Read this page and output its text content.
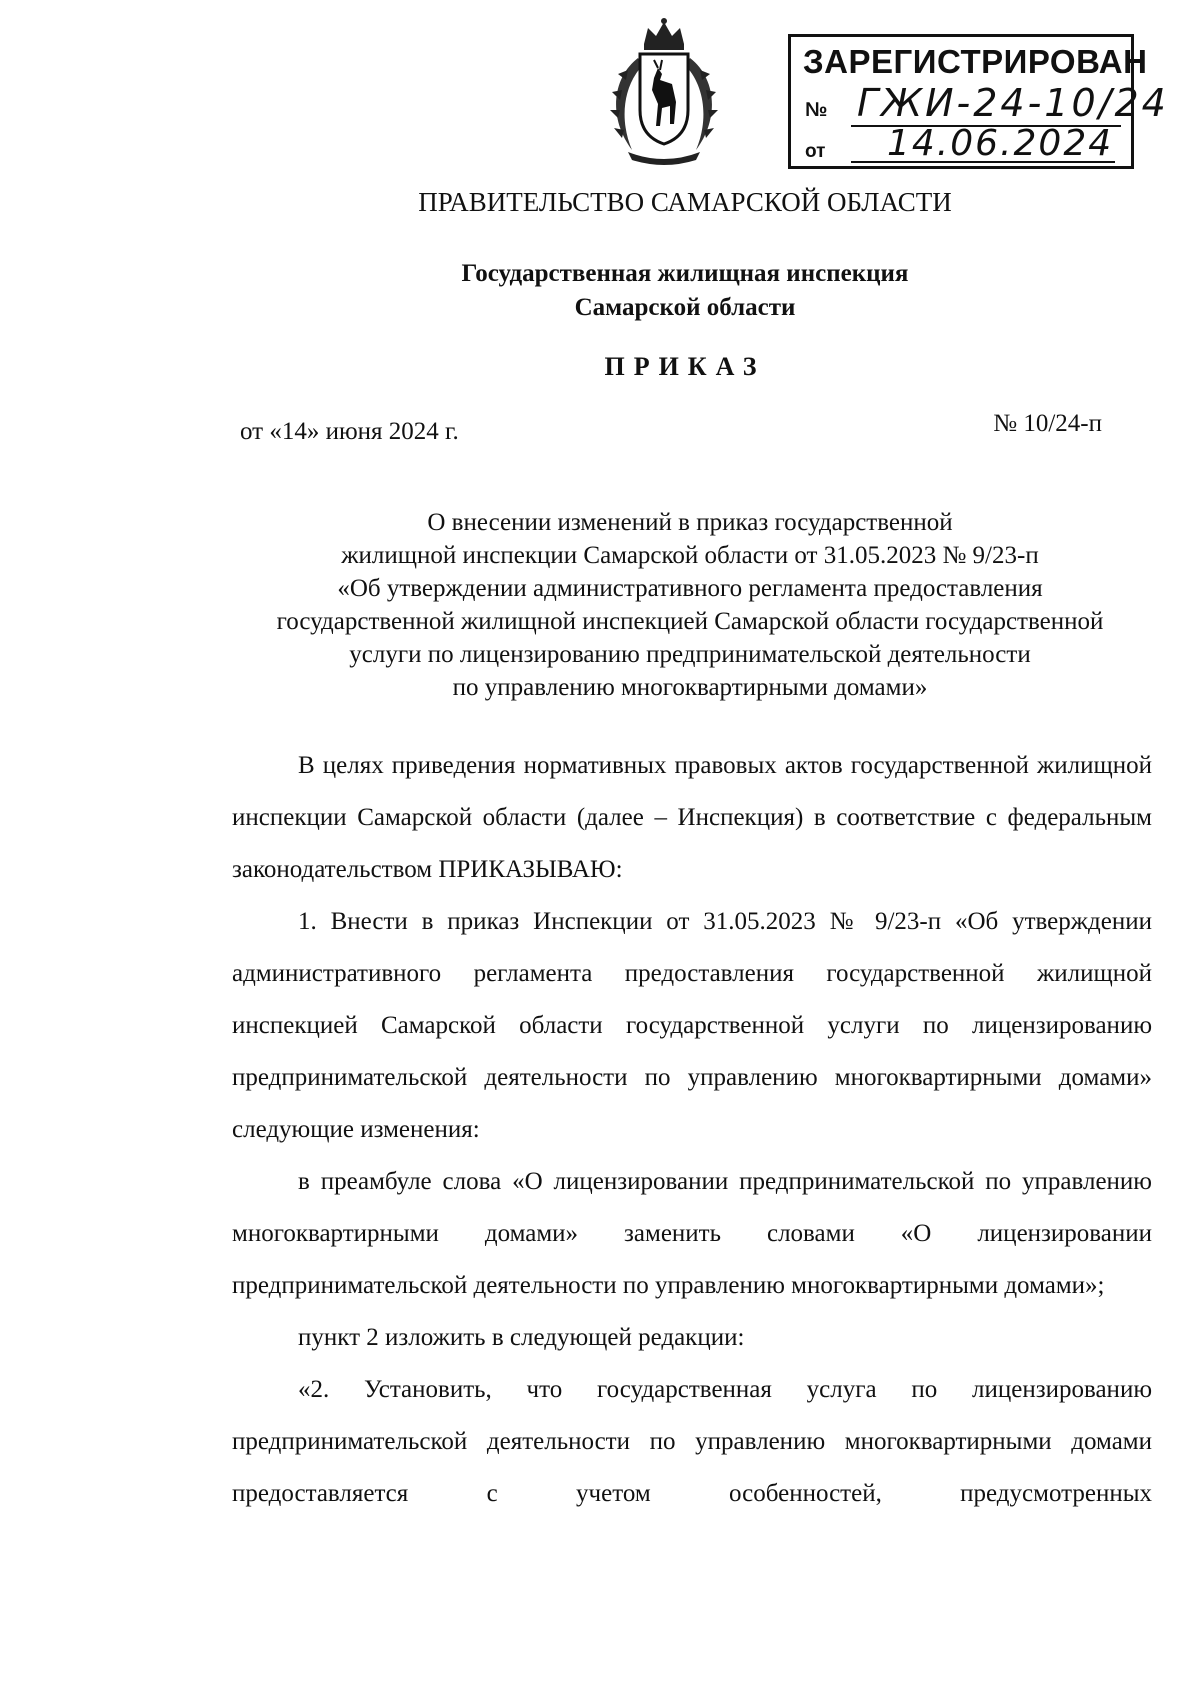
ЗАРЕГИСТРИРОВАН
№ ГЖИ-24-10/24
от 14.06.2024
ПРАВИТЕЛЬСТВО САМАРСКОЙ ОБЛАСТИ
Государственная жилищная инспекция
Самарской области
ПРИКАЗ
от «14» июня 2024 г.	№ 10/24-п
О внесении изменений в приказ государственной
жилищной инспекции Самарской области от 31.05.2023 № 9/23-п
«Об утверждении административного регламента предоставления
государственной жилищной инспекцией Самарской области государственной
услуги по лицензированию предпринимательской деятельности
по управлению многоквартирными домами»

В целях приведения нормативных правовых актов государственной жилищной инспекции Самарской области (далее – Инспекция) в соответствие с федеральным законодательством ПРИКАЗЫВАЮ:

1. Внести в приказ Инспекции от 31.05.2023 № 9/23-п «Об утверждении административного регламента предоставления государственной жилищной инспекцией Самарской области государственной услуги по лицензированию предпринимательской деятельности по управлению многоквартирными домами» следующие изменения:

в преамбуле слова «О лицензировании предпринимательской по управлению многоквартирными домами» заменить словами «О лицензировании предпринимательской деятельности по управлению многоквартирными домами»;

пункт 2 изложить в следующей редакции:

«2. Установить, что государственная услуга по лицензированию предпринимательской деятельности по управлению многоквартирными домами предоставляется с учетом особенностей, предусмотренных
